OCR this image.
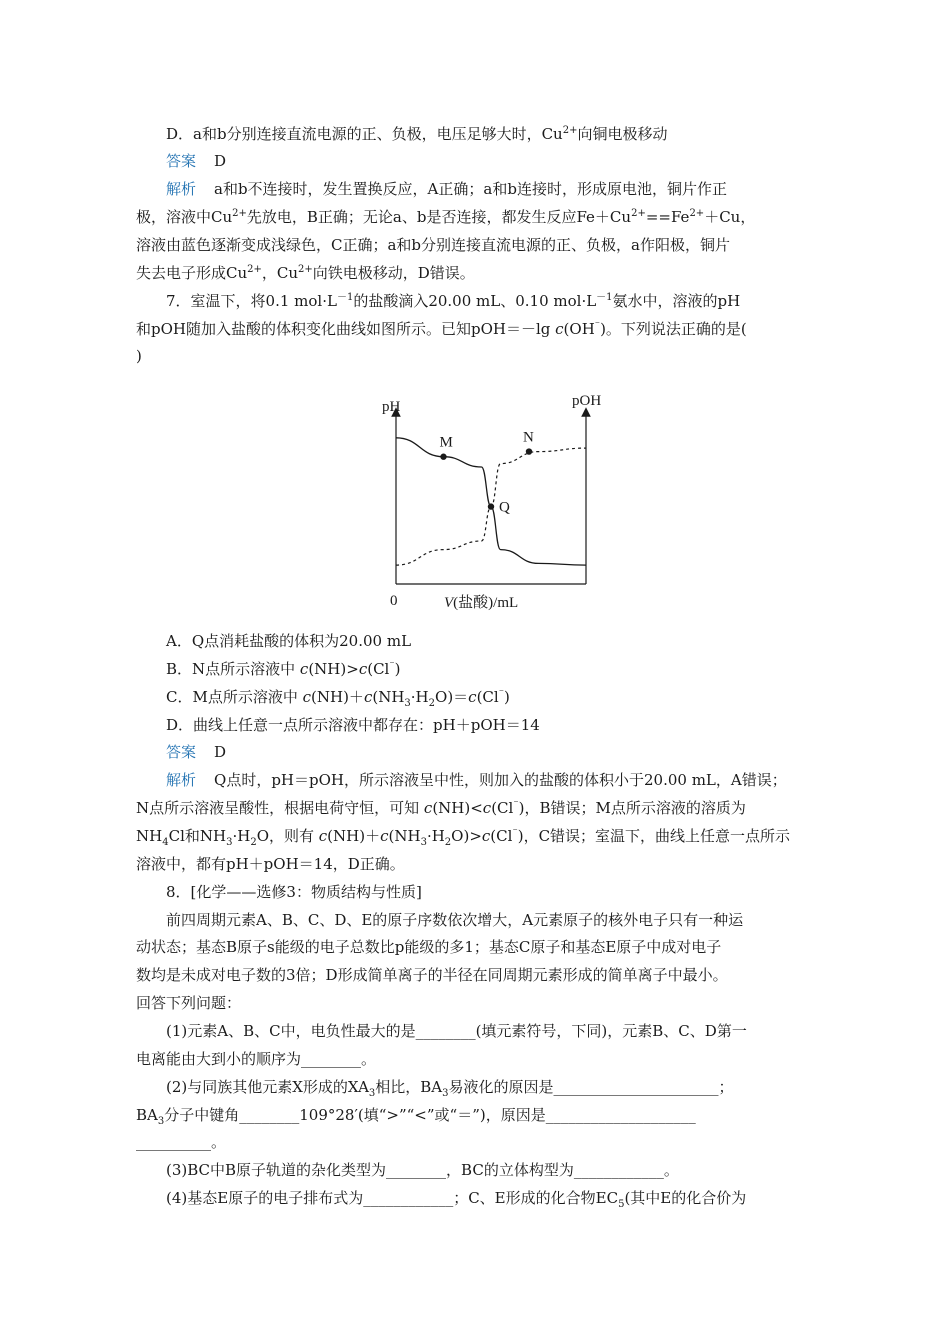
D．a和b分别连接直流电源的正、负极，电压足够大时，$Cu^{2+}$向铜电极移动
答案 D
解析 a和b不连接时，发生置换反应，A正确；a和b连接时，形成原电池，铜片作正
极，溶液中$Cu^{2+}$先放电，B正确；无论a、b是否连接，都发生反应$Fe+Cu^{2+}==Fe^{2+}+Cu$，
溶液由蓝色逐渐变成浅绿色，C正确；a和b分别连接直流电源的正、负极，a作阳极，铜片
失去电子形成$Cu^{2+}$，$Cu^{2+}$向铁电极移动，D错误。
7．室温下，将0.1 $mol\cdot L^{-1}$的盐酸滴入20.00 mL、0.10 $mol\cdot L^{-1}$氨水中，溶液的pH
和pOH随加入盐酸的体积变化曲线如图所示。已知pOH＝－lg c(OH⁻)。下列说法正确的是(
)
pH	pOH
0	V(盐酸)/mL
M	N
Q
A．Q点消耗盐酸的体积为20.00 mL
B．N点所示溶液中 c(NH)>c(Cl⁻)
C．M点所示溶液中 $c(NH)+c(NH_3\cdot H_2O)=c(Cl^{^-})$
D．曲线上任意一点所示溶液中都存在：pH＋pOH＝14
答案 D
解析 Q点时，pH＝pOH，所示溶液呈中性，则加入的盐酸的体积小于20.00 mL，A错误；
N点所示溶液呈酸性，根据电荷守恒，可知 c(NH)<c(Cl⁻)，B错误；M点所示溶液的溶质为
$NH_4Cl$和$NH_3\cdot H_2O$，则有 $c(NH)+c(NH_3\cdot H_2O)>c(Cl^{^-})$，C错误；室温下，曲线上任意一点所示
溶液中，都有pH＋pOH＝14，D正确。
8．[化学——选修3：物质结构与性质]
前四周期元素A、B、C、D、E的原子序数依次增大，A元素原子的核外电子只有一种运
动状态；基态B原子s能级的电子总数比p能级的多1；基态C原子和基态E原子中成对电子
数均是未成对电子数的3倍；D形成简单离子的半径在同周期元素形成的简单离子中最小。
回答下列问题：
(1)元素A、B、C中，电负性最大的是________(填元素符号，下同)，元素B、C、D第一
电离能由大到小的顺序为________。
(2)与同族其他元素X形成的$XA_3$相比，$BA_3$易液化的原因是______________________；
$BA_3$分子中键角________109°28′(填“>”“<”或“＝”)，原因是____________________
__________。
(3)BC中B原子轨道的杂化类型为________，BC的立体构型为____________。
(4)基态E原子的电子排布式为____________；C、E形成的化合物$EC_5$(其中E的化合价为
